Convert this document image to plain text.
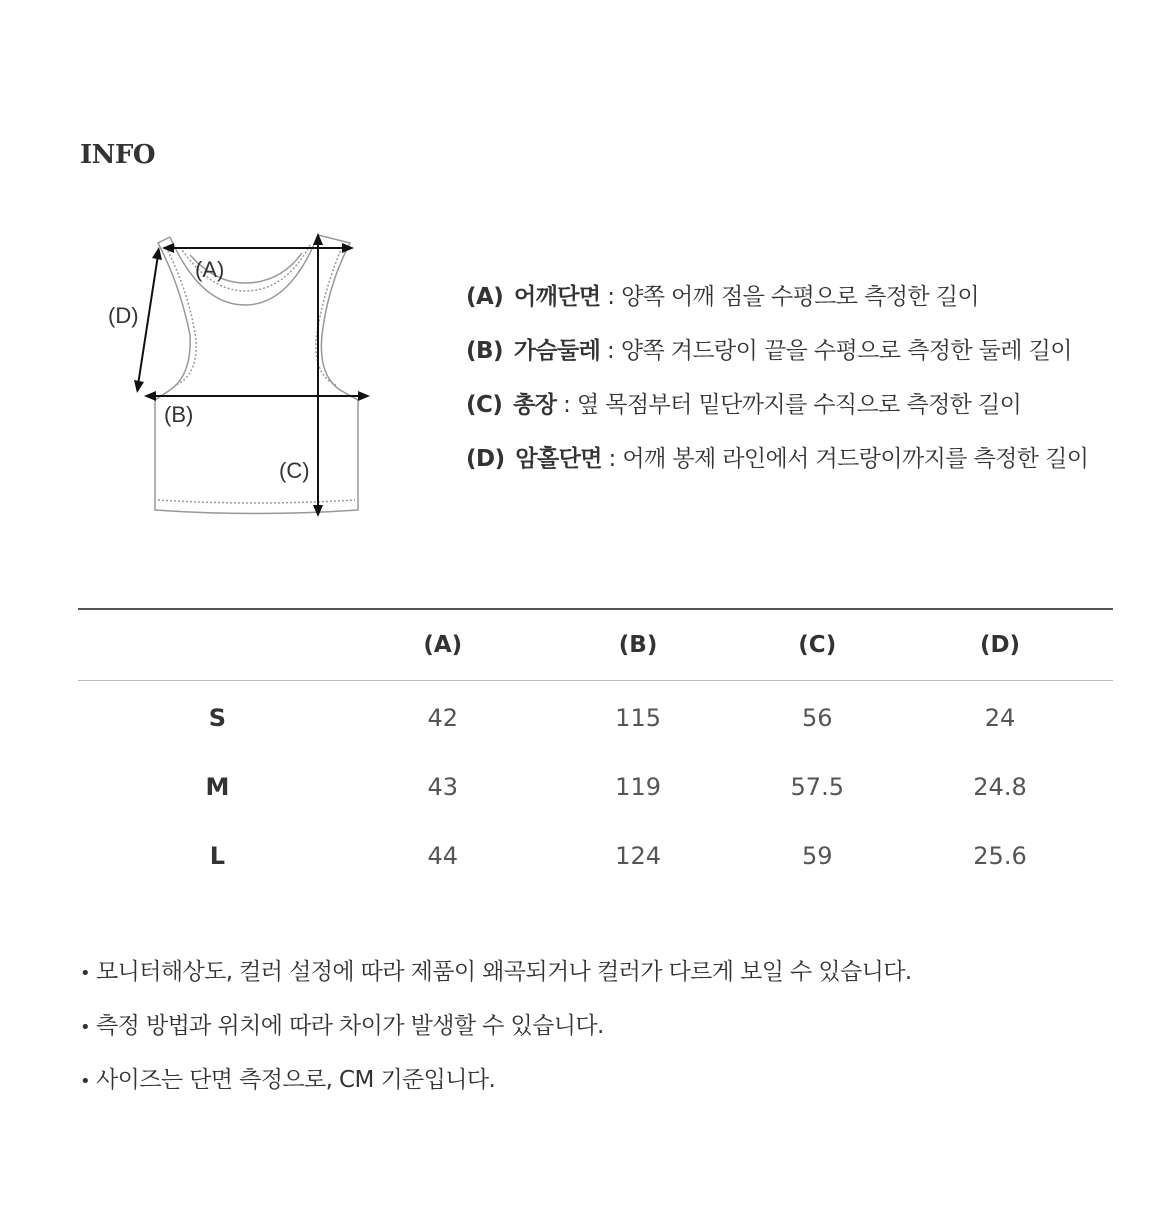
INFO
(A)
(B)
(C)
(D)
(A) 어깨단면 : 양쪽 어깨 점을 수평으로 측정한 길이
(B) 가슴둘레 : 양쪽 겨드랑이 끝을 수평으로 측정한 둘레 길이
(C) 총장 : 옆 목점부터 밑단까지를 수직으로 측정한 길이
(D) 암홀단면 : 어깨 봉제 라인에서 겨드랑이까지를 측정한 길이
	(A)	(B)	(C)	(D)
S	42	115	56	24
M	43	119	57.5	24.8
L	44	124	59	25.6
• 모니터해상도, 컬러 설정에 따라 제품이 왜곡되거나 컬러가 다르게 보일 수 있습니다.
• 측정 방법과 위치에 따라 차이가 발생할 수 있습니다.
• 사이즈는 단면 측정으로, CM 기준입니다.
